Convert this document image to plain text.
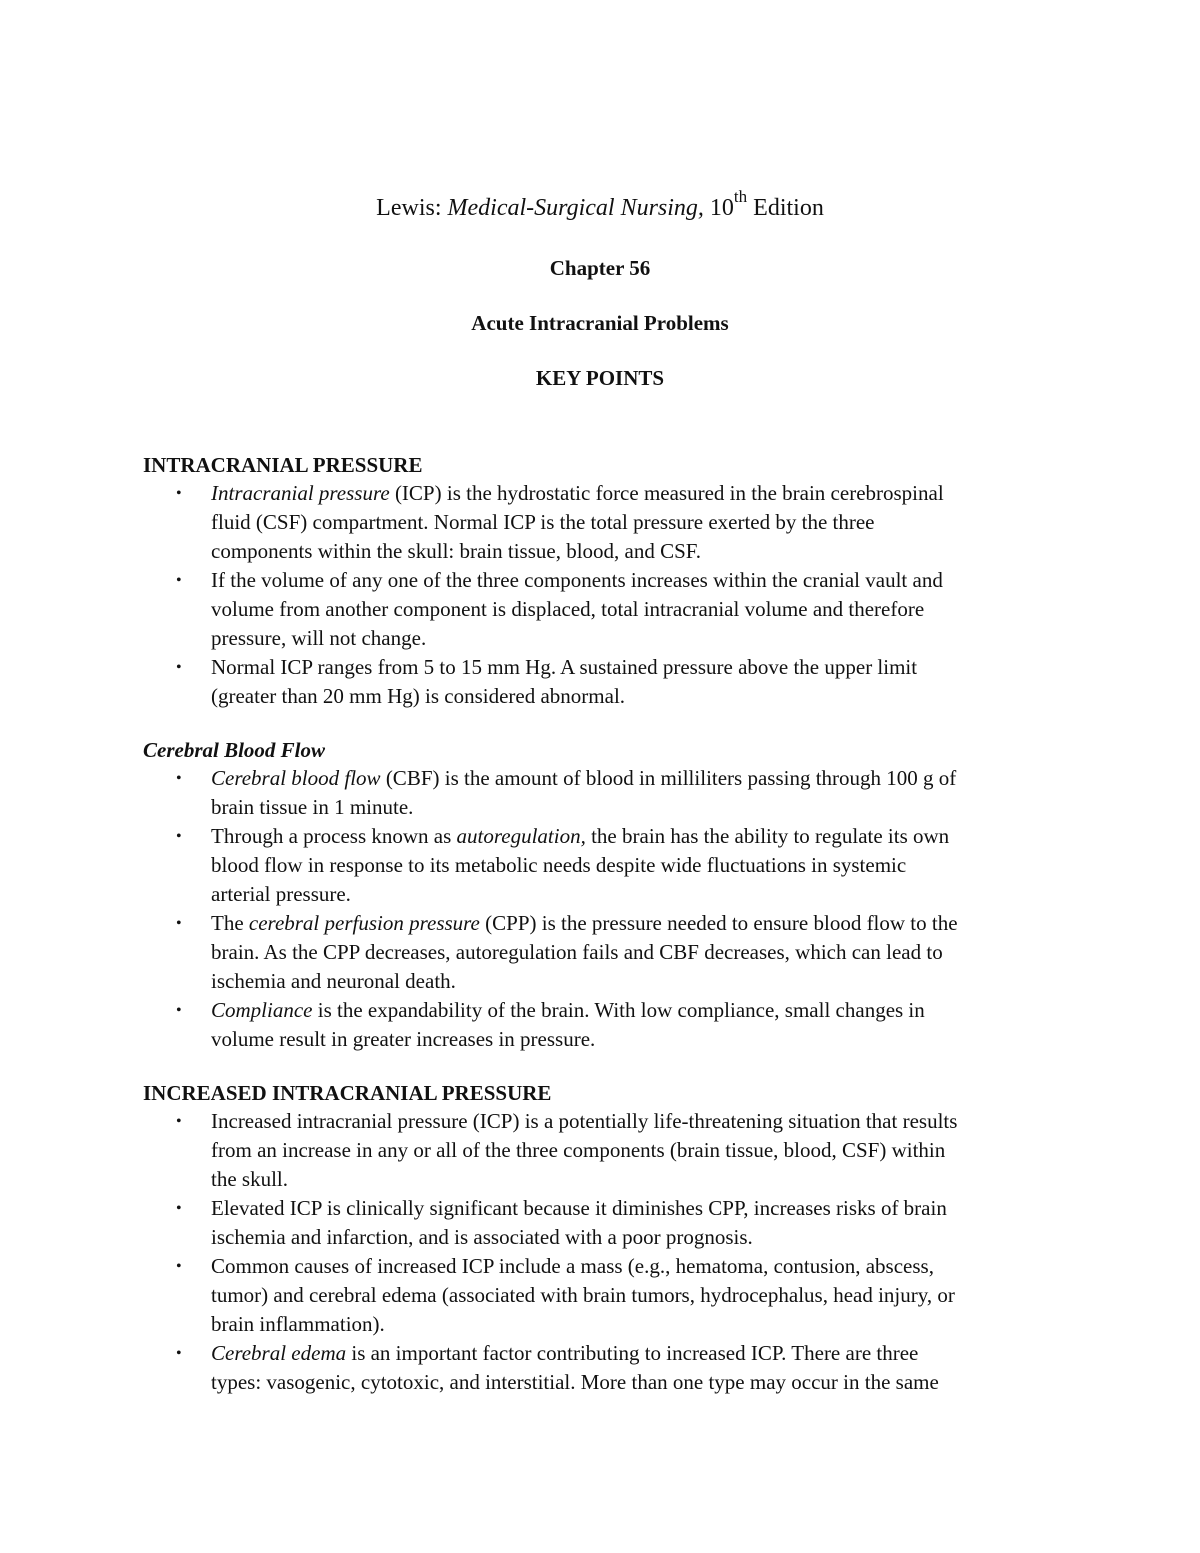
Lewis: Medical-Surgical Nursing, 10th Edition
Chapter 56
Acute Intracranial Problems
KEY POINTS
INTRACRANIAL PRESSURE
• Intracranial pressure (ICP) is the hydrostatic force measured in the brain cerebrospinal
fluid (CSF) compartment. Normal ICP is the total pressure exerted by the three
components within the skull: brain tissue, blood, and CSF.
• If the volume of any one of the three components increases within the cranial vault and
volume from another component is displaced, total intracranial volume and therefore
pressure, will not change.
• Normal ICP ranges from 5 to 15 mm Hg. A sustained pressure above the upper limit
(greater than 20 mm Hg) is considered abnormal.
Cerebral Blood Flow
• Cerebral blood flow (CBF) is the amount of blood in milliliters passing through 100 g of
brain tissue in 1 minute.
• Through a process known as autoregulation, the brain has the ability to regulate its own
blood flow in response to its metabolic needs despite wide fluctuations in systemic
arterial pressure.
• The cerebral perfusion pressure (CPP) is the pressure needed to ensure blood flow to the
brain. As the CPP decreases, autoregulation fails and CBF decreases, which can lead to
ischemia and neuronal death.
• Compliance is the expandability of the brain. With low compliance, small changes in
volume result in greater increases in pressure.
INCREASED INTRACRANIAL PRESSURE
• Increased intracranial pressure (ICP) is a potentially life-threatening situation that results
from an increase in any or all of the three components (brain tissue, blood, CSF) within
the skull.
• Elevated ICP is clinically significant because it diminishes CPP, increases risks of brain
ischemia and infarction, and is associated with a poor prognosis.
• Common causes of increased ICP include a mass (e.g., hematoma, contusion, abscess,
tumor) and cerebral edema (associated with brain tumors, hydrocephalus, head injury, or
brain inflammation).
• Cerebral edema is an important factor contributing to increased ICP. There are three
types: vasogenic, cytotoxic, and interstitial. More than one type may occur in the same
